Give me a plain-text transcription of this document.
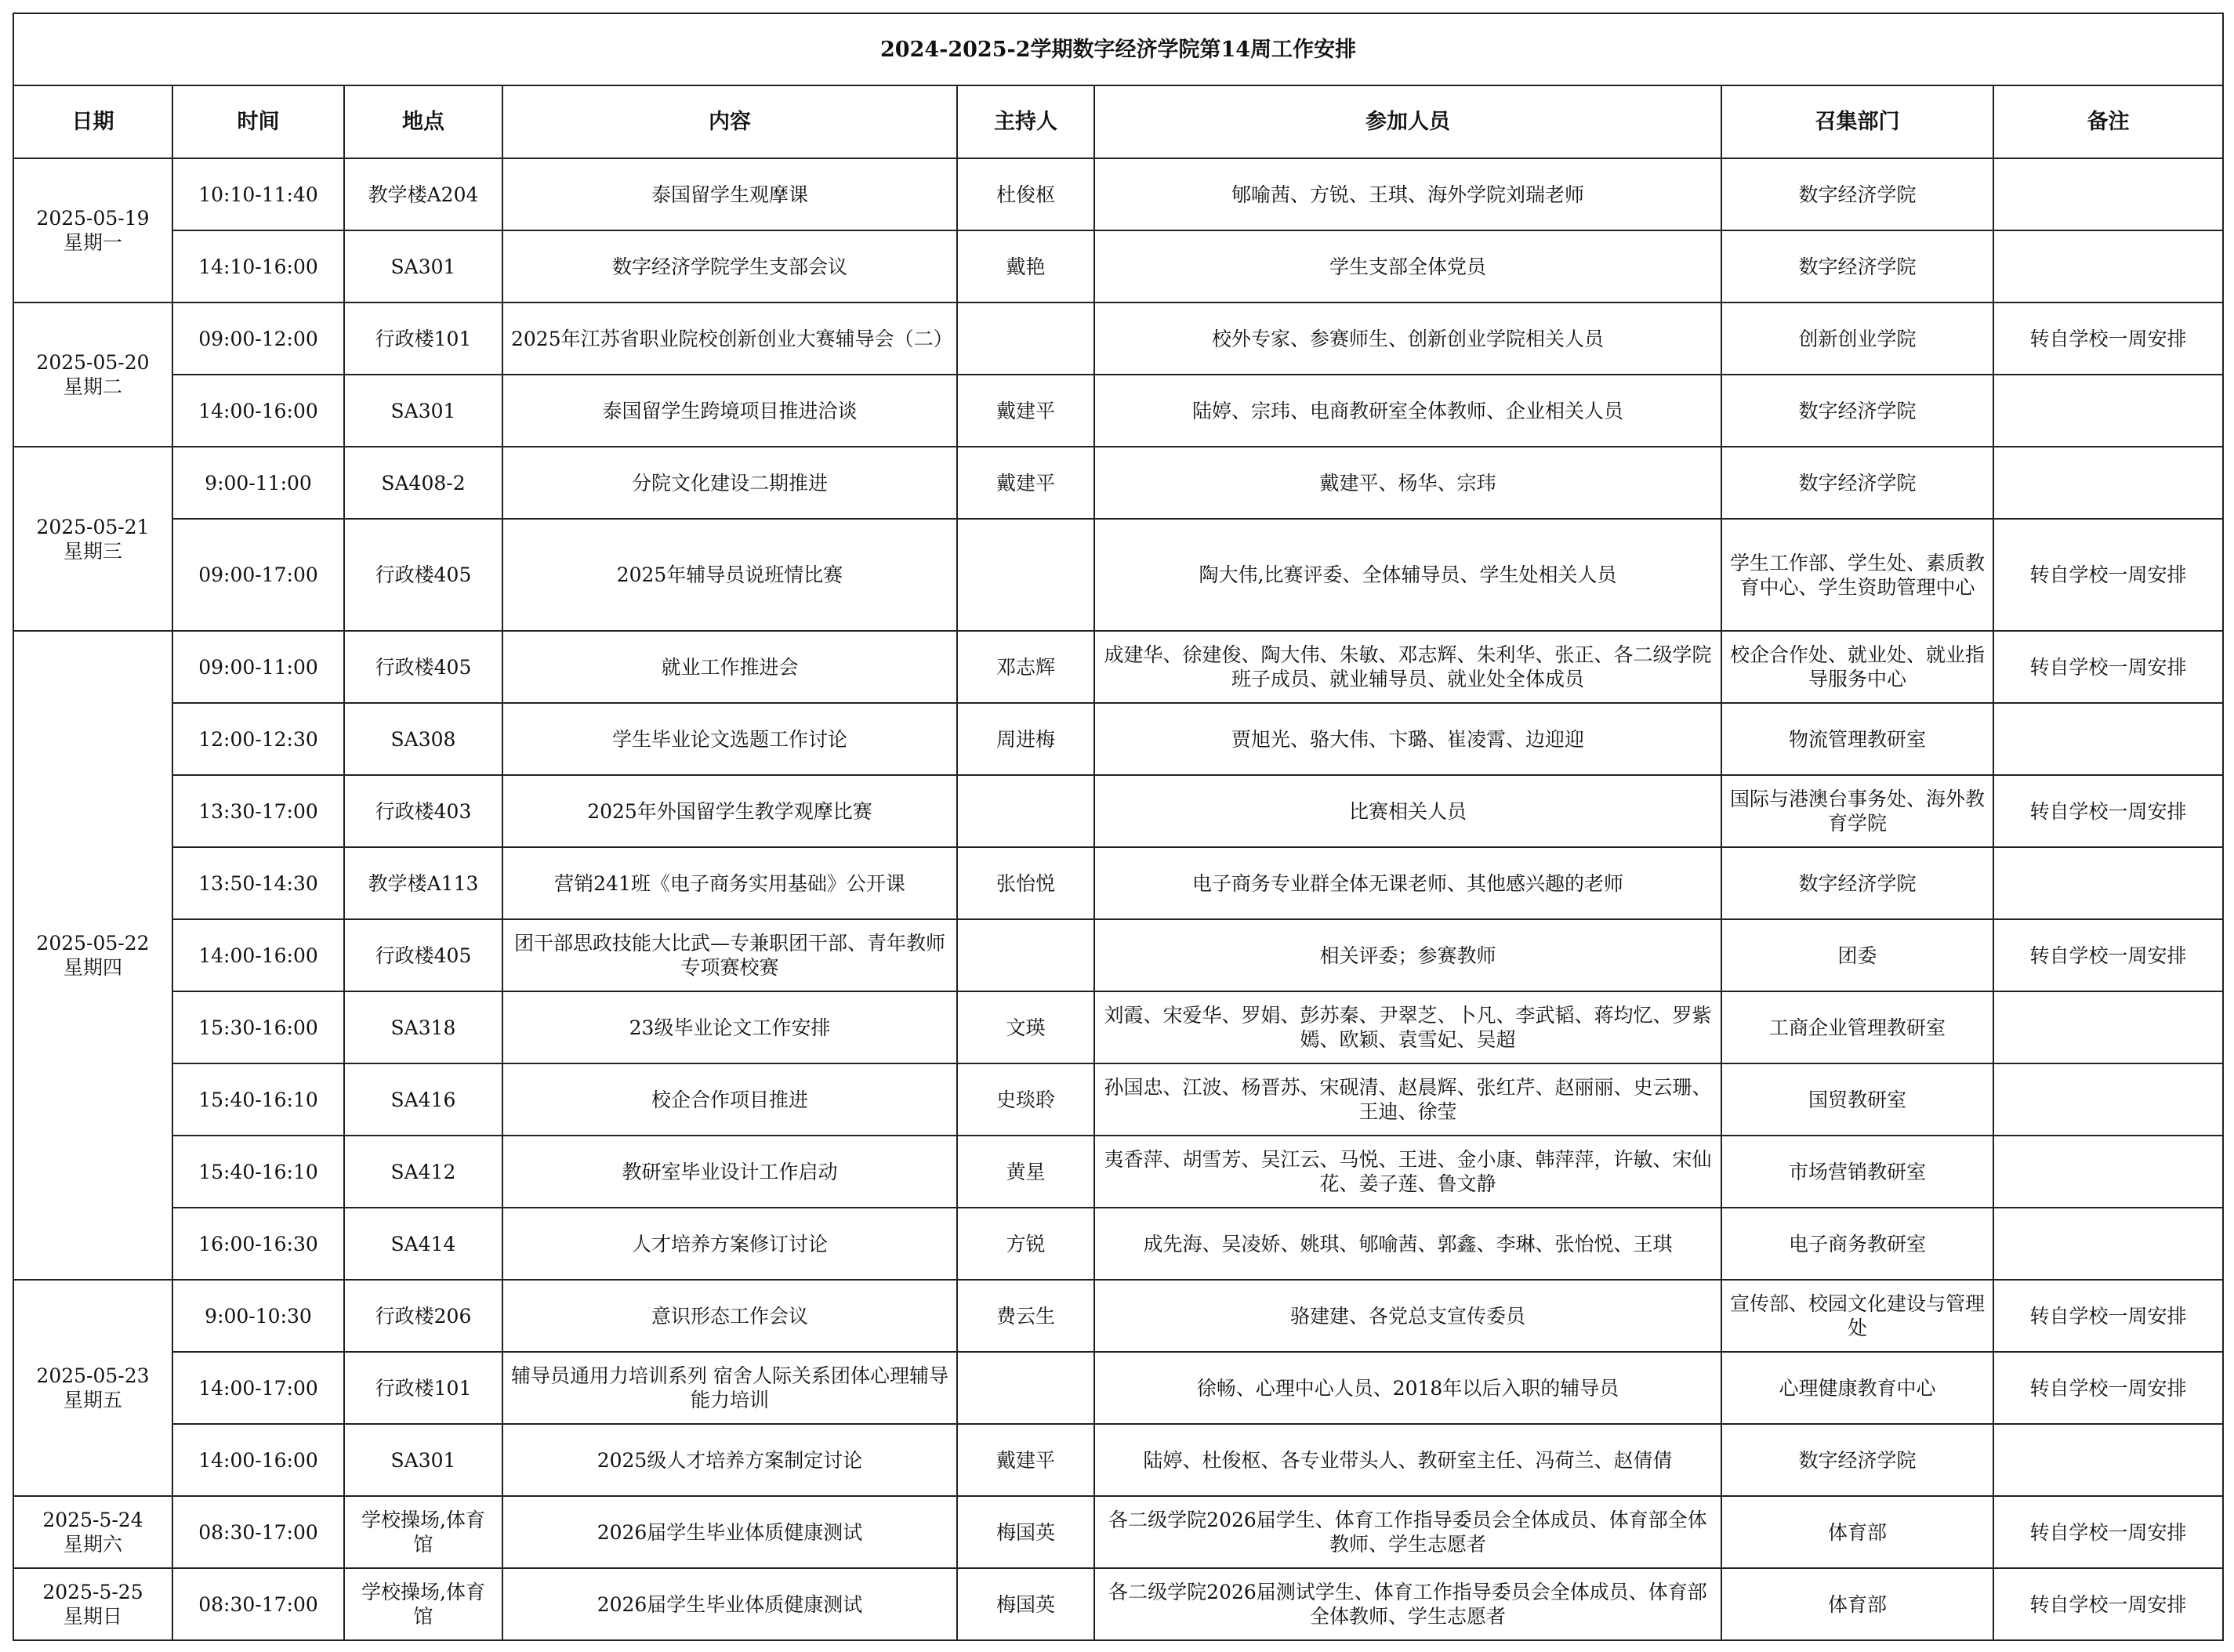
2024-2025-2学期数字经济学院第14周工作安排							
日期	时间	地点	内容	主持人	参加人员	召集部门	备注

2025-05-19
星期一	10:10-11:40	教学楼A204	泰国留学生观摩课	杜俊枢	郇喻茜、方锐、王琪、海外学院刘瑞老师	数字经济学院	
	14:10-16:00	SA301	数字经济学院学生支部会议	戴艳	学生支部全体党员	数字经济学院	

2025-05-20
星期二	09:00-12:00	行政楼101	2025年江苏省职业院校创新创业大赛辅导会（二）		校外专家、参赛师生、创新创业学院相关人员	创新创业学院	转自学校一周安排
	14:00-16:00	SA301	泰国留学生跨境项目推进洽谈	戴建平	陆婷、宗玮、电商教研室全体教师、企业相关人员	数字经济学院	

2025-05-21
星期三	9:00-11:00	SA408-2	分院文化建设二期推进	戴建平	戴建平、杨华、宗玮	数字经济学院	
	09:00-17:00	行政楼405	2025年辅导员说班情比赛		陶大伟,比赛评委、全体辅导员、学生处相关人员	学生工作部、学生处、素质教育中心、学生资助管理中心	转自学校一周安排

2025-05-22
星期四	09:00-11:00	行政楼405	就业工作推进会	邓志辉	成建华、徐建俊、陶大伟、朱敏、邓志辉、朱利华、张正、各二级学院班子成员、就业辅导员、就业处全体成员	校企合作处、就业处、就业指导服务中心	转自学校一周安排
	12:00-12:30	SA308	学生毕业论文选题工作讨论	周进梅	贾旭光、骆大伟、卞璐、崔凌霄、边迎迎	物流管理教研室	
	13:30-17:00	行政楼403	2025年外国留学生教学观摩比赛		比赛相关人员	国际与港澳台事务处、海外教育学院	转自学校一周安排
	13:50-14:30	教学楼A113	营销241班《电子商务实用基础》公开课	张怡悦	电子商务专业群全体无课老师、其他感兴趣的老师	数字经济学院	
	14:00-16:00	行政楼405	团干部思政技能大比武—专兼职团干部、青年教师专项赛校赛		相关评委；参赛教师	团委	转自学校一周安排
	15:30-16:00	SA318	23级毕业论文工作安排	文瑛	刘霞、宋爱华、罗娟、彭苏秦、尹翠芝、卜凡、李武韬、蒋均忆、罗紫嫣、欧颖、袁雪妃、吴超	工商企业管理教研室	
	15:40-16:10	SA416	校企合作项目推进	史琰聆	孙国忠、江波、杨晋苏、宋砚清、赵晨辉、张红芹、赵丽丽、史云珊、王迪、徐莹	国贸教研室	
	15:40-16:10	SA412	教研室毕业设计工作启动	黄星	夷香萍、胡雪芳、吴江云、马悦、王进、金小康、韩萍萍，许敏、宋仙花、姜子莲、鲁文静	市场营销教研室	
	16:00-16:30	SA414	人才培养方案修订讨论	方锐	成先海、吴凌娇、姚琪、郇喻茜、郭鑫、李琳、张怡悦、王琪	电子商务教研室	

2025-05-23
星期五	9:00-10:30	行政楼206	意识形态工作会议	费云生	骆建建、各党总支宣传委员	宣传部、校园文化建设与管理处	转自学校一周安排
	14:00-17:00	行政楼101	辅导员通用力培训系列 宿舍人际关系团体心理辅导能力培训		徐畅、心理中心人员、2018年以后入职的辅导员	心理健康教育中心	转自学校一周安排
	14:00-16:00	SA301	2025级人才培养方案制定讨论	戴建平	陆婷、杜俊枢、各专业带头人、教研室主任、冯荷兰、赵倩倩	数字经济学院	

2025-5-24
星期六	08:30-17:00	学校操场,体育馆	2026届学生毕业体质健康测试	梅国英	各二级学院2026届学生、体育工作指导委员会全体成员、体育部全体教师、学生志愿者	体育部	转自学校一周安排

2025-5-25
星期日	08:30-17:00	学校操场,体育馆	2026届学生毕业体质健康测试	梅国英	各二级学院2026届测试学生、体育工作指导委员会全体成员、体育部全体教师、学生志愿者	体育部	转自学校一周安排
